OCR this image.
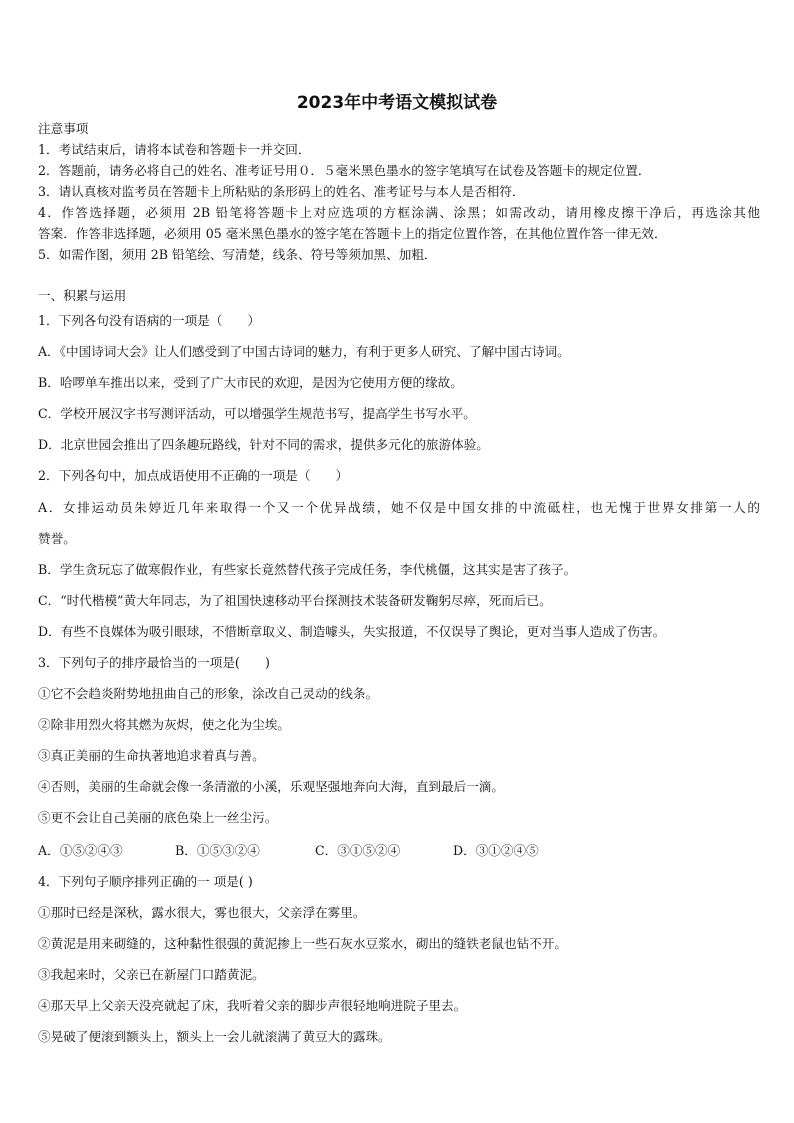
2023年中考语文模拟试卷
注意事项
1．考试结束后，请将本试卷和答题卡一并交回．
2．答题前，请务必将自己的姓名、准考证号用０．５毫米黑色墨水的签字笔填写在试卷及答题卡的规定位置．
3．请认真核对监考员在答题卡上所粘贴的条形码上的姓名、准考证号与本人是否相符．
4．作答选择题，必须用 2B 铅笔将答题卡上对应选项的方框涂满、涂黑；如需改动，请用橡皮擦干净后，再选涂其他
答案．作答非选择题，必须用 05 毫米黑色墨水的签字笔在答题卡上的指定位置作答，在其他位置作答一律无效．
5．如需作图，须用 2B 铅笔绘、写清楚，线条、符号等须加黑、加粗．
一、积累与运用
1．下列各句没有语病的一项是（　　）
A．《中国诗词大会》让人们感受到了中国古诗词的魅力，有利于更多人研究、了解中国古诗词。
B．哈啰单车推出以来，受到了广大市民的欢迎，是因为它使用方便的缘故。
C．学校开展汉字书写测评活动，可以增强学生规范书写，提高学生书写水平。
D．北京世园会推出了四条趣玩路线，针对不同的需求，提供多元化的旅游体验。
2．下列各句中，加点成语使用不正确的一项是（　　）
A．女排运动员朱婷近几年来取得一个又一个优异战绩，她不仅是中国女排的中流砥柱，也无愧于世界女排第一人的
赞誉。
B．学生贪玩忘了做寒假作业，有些家长竟然替代孩子完成任务，李代桃僵，这其实是害了孩子。
C．“时代楷模”黄大年同志，为了祖国快速移动平台探测技术装备研发鞠躬尽瘁，死而后已。
D．有些不良媒体为吸引眼球，不惜断章取义、制造噱头，失实报道，不仅误导了舆论，更对当事人造成了伤害。
3．下列句子的排序最恰当的一项是(　　)
①它不会趋炎附势地扭曲自己的形象，涂改自己灵动的线条。
②除非用烈火将其燃为灰烬，使之化为尘埃。
③真正美丽的生命执著地追求着真与善。
④否则，美丽的生命就会像一条清澈的小溪，乐观坚强地奔向大海，直到最后一滴。
⑤更不会让自己美丽的底色染上一丝尘污。
A．①⑤②④③	B．①⑤③②④	C．③①⑤②④	D．③①②④⑤
4．下列句子顺序排列正确的一 项是( )
①那时已经是深秋，露水很大，雾也很大，父亲浮在雾里。
②黄泥是用来砌缝的，这种黏性很强的黄泥掺上一些石灰水豆浆水，砌出的缝铁老鼠也钻不开。
③我起来时，父亲已在新屋门口踏黄泥。
④那天早上父亲天没亮就起了床，我听着父亲的脚步声很轻地响进院子里去。
⑤晃破了便滚到额头上，额头上一会儿就滚满了黄豆大的露珠。
